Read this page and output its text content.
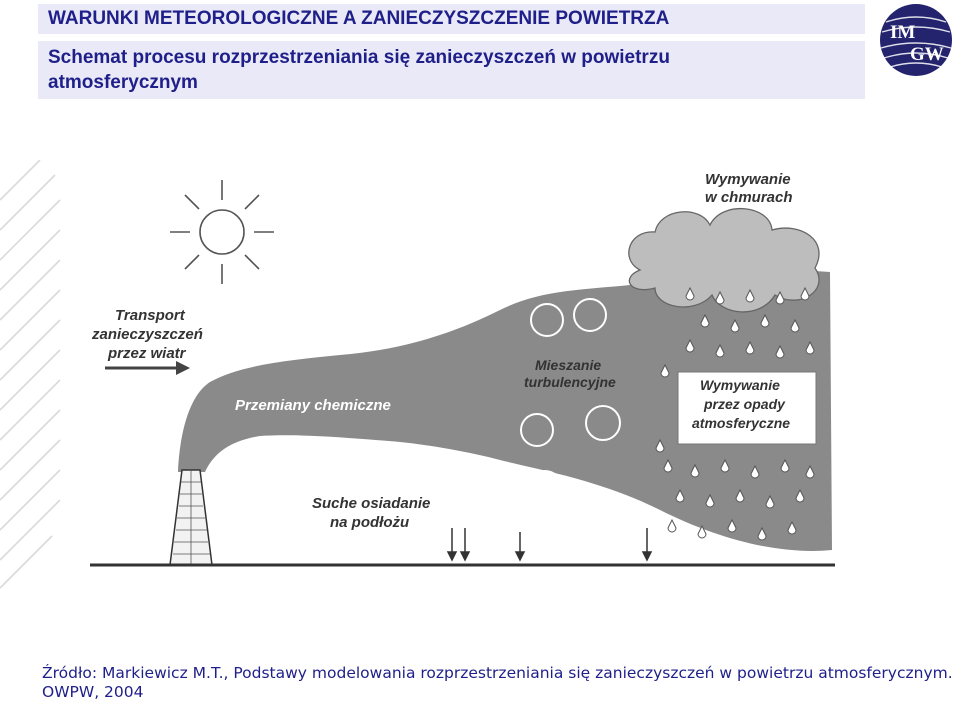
WARUNKI METEOROLOGICZNE A ZANIECZYSZCZENIE POWIETRZA
Schemat procesu rozprzestrzeniania się zanieczyszczeń w powietrzu
atmosferycznym
IM
GW
Transport
zanieczyszczeń
przez wiatr
Przemiany chemiczne
Mieszanie
turbulencyjne
Wymywanie
w chmurach
Wymywanie
przez opady
atmosferyczne
Suche osiadanie
na podłożu
Źródło: Markiewicz M.T., Podstawy modelowania rozprzestrzeniania się zanieczyszczeń w powietrzu atmosferycznym.
OWPW, 2004
